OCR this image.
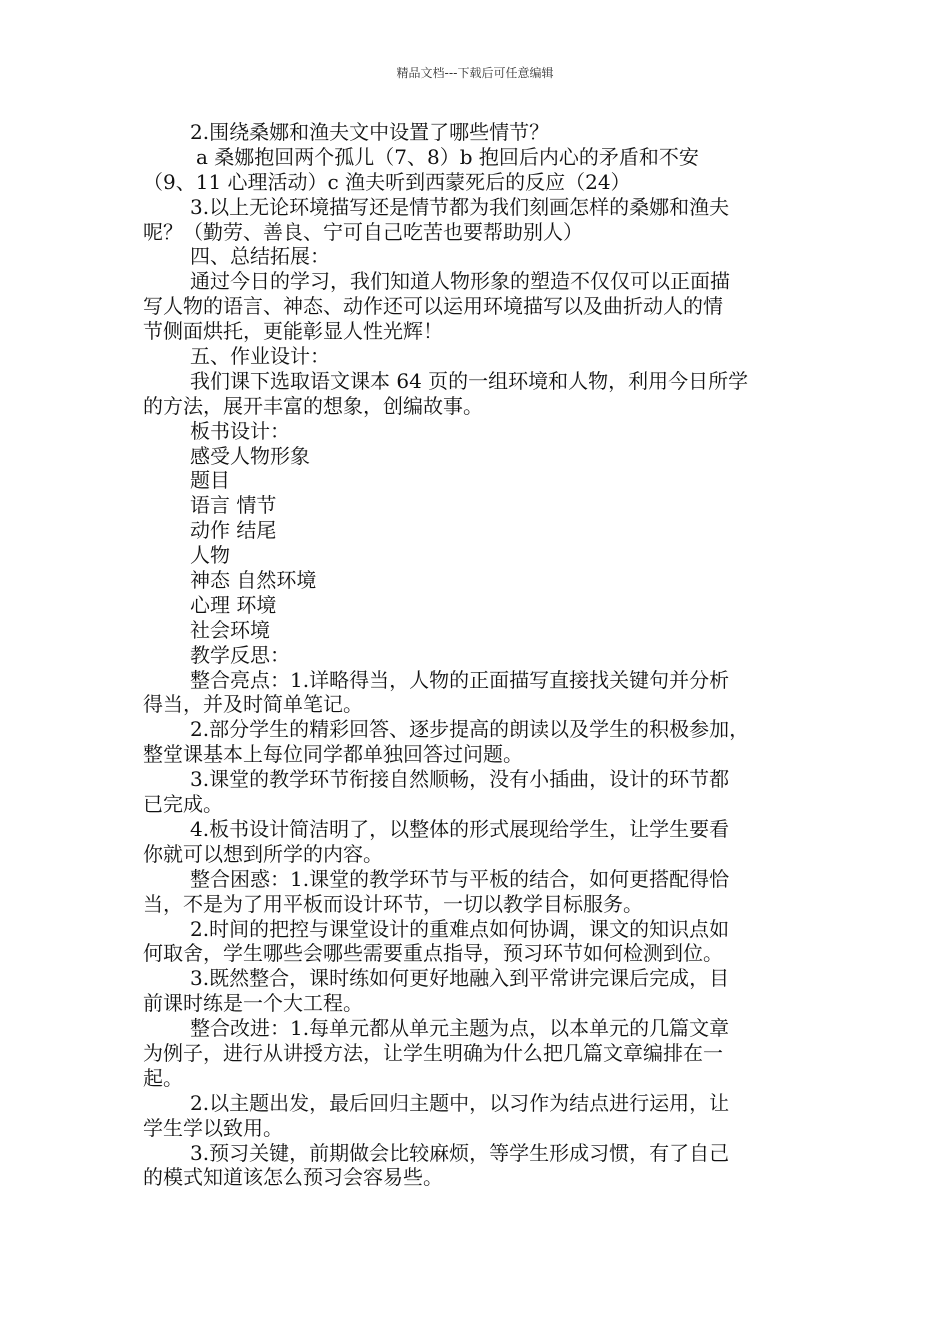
精品文档---下载后可任意编辑
2.围绕桑娜和渔夫文中设置了哪些情节？
a 桑娜抱回两个孤儿（7、8）b 抱回后内心的矛盾和不安
（9、11 心理活动）c 渔夫听到西蒙死后的反应（24）
3.以上无论环境描写还是情节都为我们刻画怎样的桑娜和渔夫
呢？（勤劳、善良、宁可自己吃苦也要帮助别人）
四、总结拓展：
通过今日的学习，我们知道人物形象的塑造不仅仅可以正面描
写人物的语言、神态、动作还可以运用环境描写以及曲折动人的情
节侧面烘托，更能彰显人性光辉！
五、作业设计：
我们课下选取语文课本 64 页的一组环境和人物，利用今日所学
的方法，展开丰富的想象，创编故事。
板书设计：
感受人物形象
题目
语言 情节
动作 结尾
人物
神态 自然环境
心理 环境
社会环境
教学反思：
整合亮点：1.详略得当，人物的正面描写直接找关键句并分析
得当，并及时简单笔记。
2.部分学生的精彩回答、逐步提高的朗读以及学生的积极参加，
整堂课基本上每位同学都单独回答过问题。
3.课堂的教学环节衔接自然顺畅，没有小插曲，设计的环节都
已完成。
4.板书设计简洁明了，以整体的形式展现给学生，让学生要看
你就可以想到所学的内容。
整合困惑：1.课堂的教学环节与平板的结合，如何更搭配得恰
当，不是为了用平板而设计环节，一切以教学目标服务。
2.时间的把控与课堂设计的重难点如何协调，课文的知识点如
何取舍，学生哪些会哪些需要重点指导，预习环节如何检测到位。
3.既然整合，课时练如何更好地融入到平常讲完课后完成，目
前课时练是一个大工程。
整合改进：1.每单元都从单元主题为点，以本单元的几篇文章
为例子，进行从讲授方法，让学生明确为什么把几篇文章编排在一
起。
2.以主题出发，最后回归主题中，以习作为结点进行运用，让
学生学以致用。
3.预习关键，前期做会比较麻烦，等学生形成习惯，有了自己
的模式知道该怎么预习会容易些。
